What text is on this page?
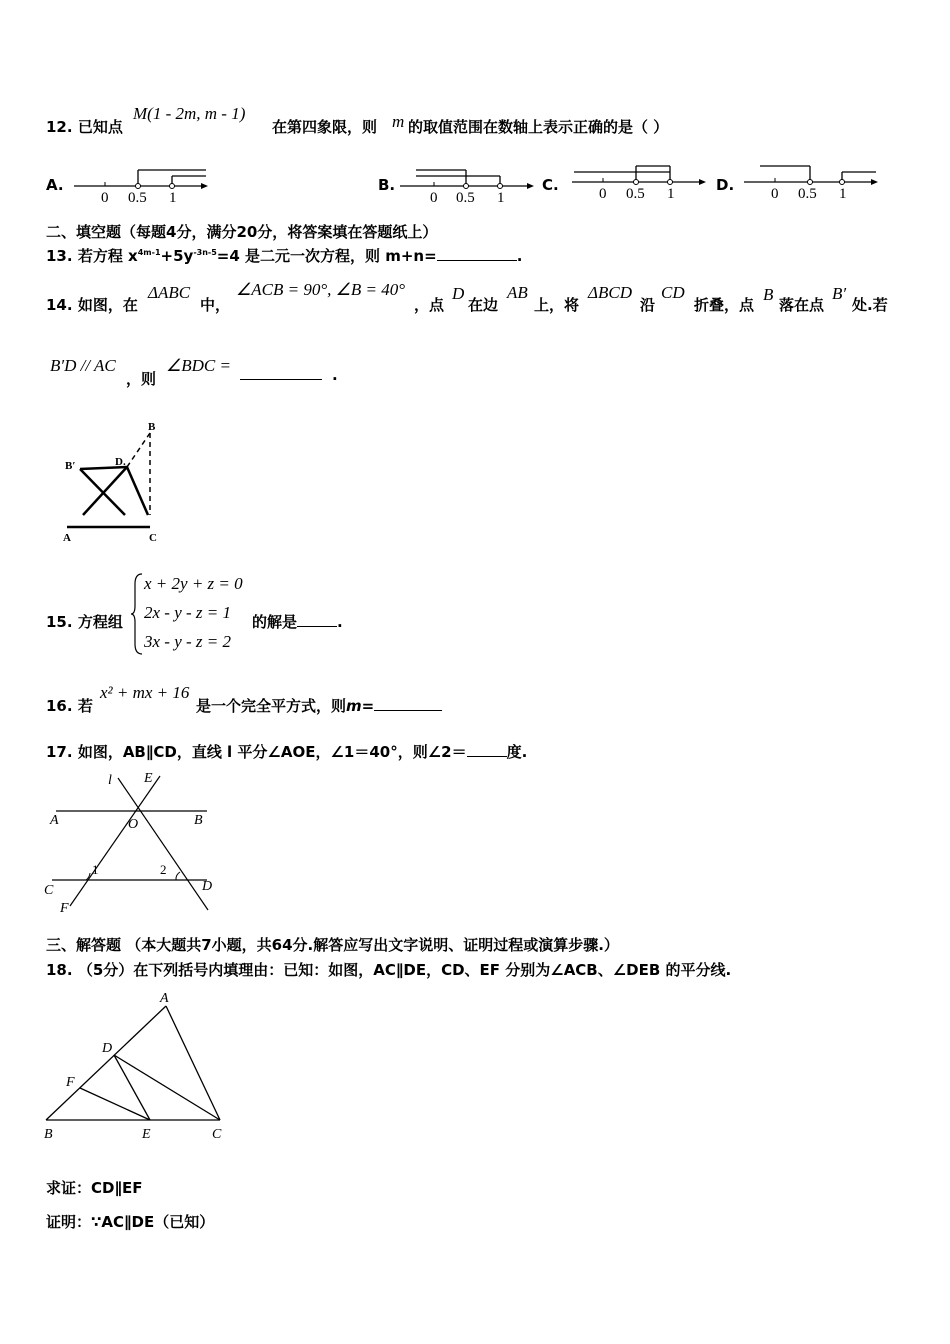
12. 已知点
M(1 - 2m, m - 1)
在第四象限，则 m 的取值范围在数轴上表示正确的是（ ）
A.
0 0.5 1
B.
0 0.5 1
C.	0 0.5 1	D. 0 0.5 1
二、填空题（每题4分，满分20分，将答案填在答题纸上）
13. 若方程 $x^{4m-1}+5y^{-3n-5}=4$ 是二元一次方程，则 m+n=	.
14. 如图，在
ΔABC
中，
∠ACB = 90°, ∠B = 40°
，点
D
在边
AB
上，将
ΔBCD
沿
CD
折叠，点
B
落在点
B′
处.若
B′D // AC
，则
∠BDC =	.
B
B′	D.
A	C
15. 方程组
x + 2y + z = 0
2x - y - z = 1
3x - y - z = 2
的解是	.
16. 若
x² + mx + 16
是一个完全平方式，则m=
17. 如图，AB∥CD，直线 l 平分∠AOE，∠1＝40°，则∠2＝	度.
l E
A	B
O
C	D
F
1	2
三、解答题 （本大题共7小题，共64分.解答应写出文字说明、证明过程或演算步骤.）
18. （5分）在下列括号内填理由：已知：如图，AC∥DE，CD、EF 分别为∠ACB、∠DEB 的平分线.
A
D
F
B	E	C
求证：CD∥EF
证明：∵AC∥DE（已知）
